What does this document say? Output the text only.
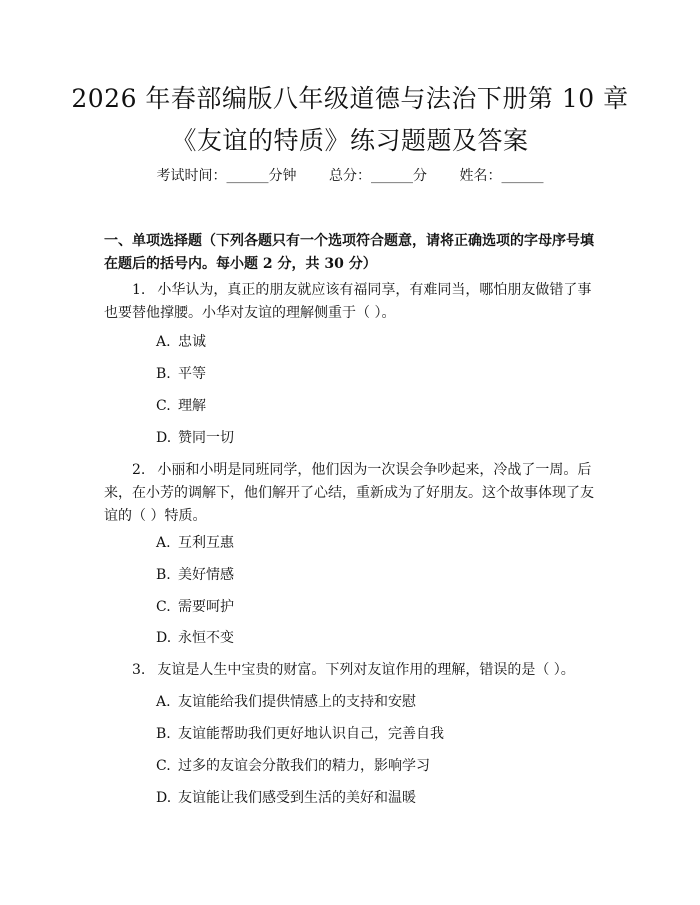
2026 年春部编版八年级道德与法治下册第 10 章《友谊的特质》练习题题及答案
考试时间：______分钟 总分：______分 姓名：______

一、单项选择题（下列各题只有一个选项符合题意，请将正确选项的字母序号填在题后的括号内。每小题 2 分，共 30 分）

1. 小华认为，真正的朋友就应该有福同享，有难同当，哪怕朋友做错了事也要替他撑腰。小华对友谊的理解侧重于（ ）。

A. 忠诚
B. 平等
C. 理解
D. 赞同一切

2. 小丽和小明是同班同学，他们因为一次误会争吵起来，冷战了一周。后来，在小芳的调解下，他们解开了心结，重新成为了好朋友。这个故事体现了友谊的（ ）特质。

A. 互利互惠
B. 美好情感
C. 需要呵护
D. 永恒不变

3. 友谊是人生中宝贵的财富。下列对友谊作用的理解，错误的是（ ）。

A. 友谊能给我们提供情感上的支持和安慰
B. 友谊能帮助我们更好地认识自己，完善自我
C. 过多的友谊会分散我们的精力，影响学习
D. 友谊能让我们感受到生活的美好和温暖
